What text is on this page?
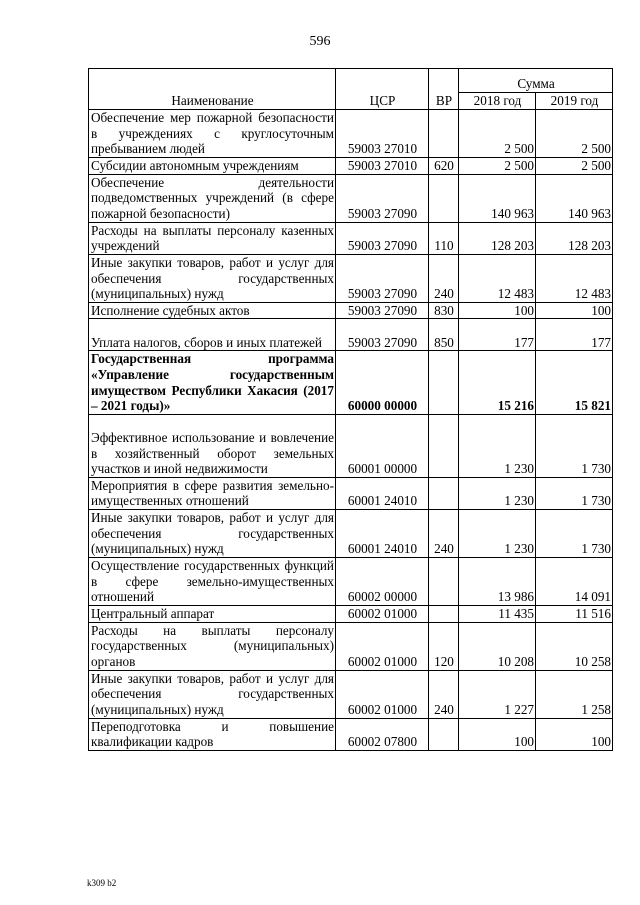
596
Наименование	ЦСР	ВР	Сумма	
			2018 год	2019 год
Обеспечение мер пожарной безопасности в учреждениях с круглосуточным пребыванием людей	59003 27010		2 500	2 500
Субсидии автономным учреждениям	59003 27010	620	2 500	2 500
Обеспечение деятельности подведомственных учреждений (в сфере пожарной безопасности)	59003 27090		140 963	140 963
Расходы на выплаты персоналу казенных учреждений	59003 27090	110	128 203	128 203
Иные закупки товаров, работ и услуг для обеспечения государственных (муниципальных) нужд	59003 27090	240	12 483	12 483
Исполнение судебных актов	59003 27090	830	100	100
Уплата налогов, сборов и иных платежей	59003 27090	850	177	177
Государственная программа «Управление государственным имуществом Республики Хакасия (2017 – 2021 годы)»	60000 00000		15 216	15 821
Эффективное использование и вовлечение в хозяйственный оборот земельных участков и иной недвижимости	60001 00000		1 230	1 730
Мероприятия в сфере развития земельно-имущественных отношений	60001 24010		1 230	1 730
Иные закупки товаров, работ и услуг для обеспечения государственных (муниципальных) нужд	60001 24010	240	1 230	1 730
Осуществление государственных функций в сфере земельно-имущественных отношений	60002 00000		13 986	14 091
Центральный аппарат	60002 01000		11 435	11 516
Расходы на выплаты персоналу государственных (муниципальных) органов	60002 01000	120	10 208	10 258
Иные закупки товаров, работ и услуг для обеспечения государственных (муниципальных) нужд	60002 01000	240	1 227	1 258
Переподготовка и повышение квалификации кадров	60002 07800		100	100
k309 b2
